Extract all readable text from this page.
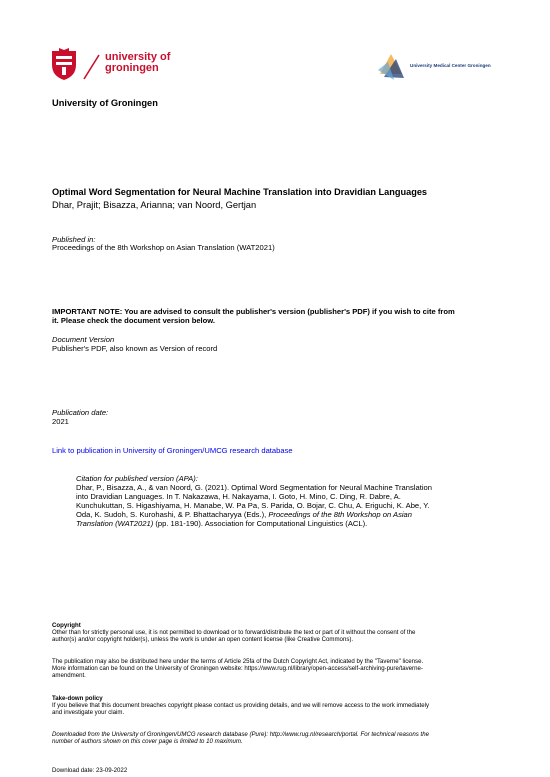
university of
groningen	University Medical Center Groningen
University of Groningen
Optimal Word Segmentation for Neural Machine Translation into Dravidian Languages
Dhar, Prajit; Bisazza, Arianna; van Noord, Gertjan
Published in:
Proceedings of the 8th Workshop on Asian Translation (WAT2021)
IMPORTANT NOTE: You are advised to consult the publisher's version (publisher's PDF) if you wish to cite from
it. Please check the document version below.
Document Version
Publisher's PDF, also known as Version of record
Publication date:
2021
Link to publication in University of Groningen/UMCG research database
Citation for published version (APA):
Dhar, P., Bisazza, A., & van Noord, G. (2021). Optimal Word Segmentation for Neural Machine Translation
into Dravidian Languages. In T. Nakazawa, H. Nakayama, I. Goto, H. Mino, C. Ding, R. Dabre, A.
Kunchukuttan, S. Higashiyama, H. Manabe, W. Pa Pa, S. Parida, O. Bojar, C. Chu, A. Eriguchi, K. Abe, Y.
Oda, K. Sudoh, S. Kurohashi, & P. Bhattacharyya (Eds.), Proceedings of the 8th Workshop on Asian
Translation (WAT2021) (pp. 181-190). Association for Computational Linguistics (ACL).
Copyright
Other than for strictly personal use, it is not permitted to download or to forward/distribute the text or part of it without the consent of the
author(s) and/or copyright holder(s), unless the work is under an open content license (like Creative Commons).
The publication may also be distributed here under the terms of Article 25fa of the Dutch Copyright Act, indicated by the "Taverne" license.
More information can be found on the University of Groningen website: https://www.rug.nl/library/open-access/self-archiving-pure/taverne-
amendment.
Take-down policy
If you believe that this document breaches copyright please contact us providing details, and we will remove access to the work immediately
and investigate your claim.
Downloaded from the University of Groningen/UMCG research database (Pure): http://www.rug.nl/research/portal. For technical reasons the
number of authors shown on this cover page is limited to 10 maximum.
Download date: 23-09-2022
